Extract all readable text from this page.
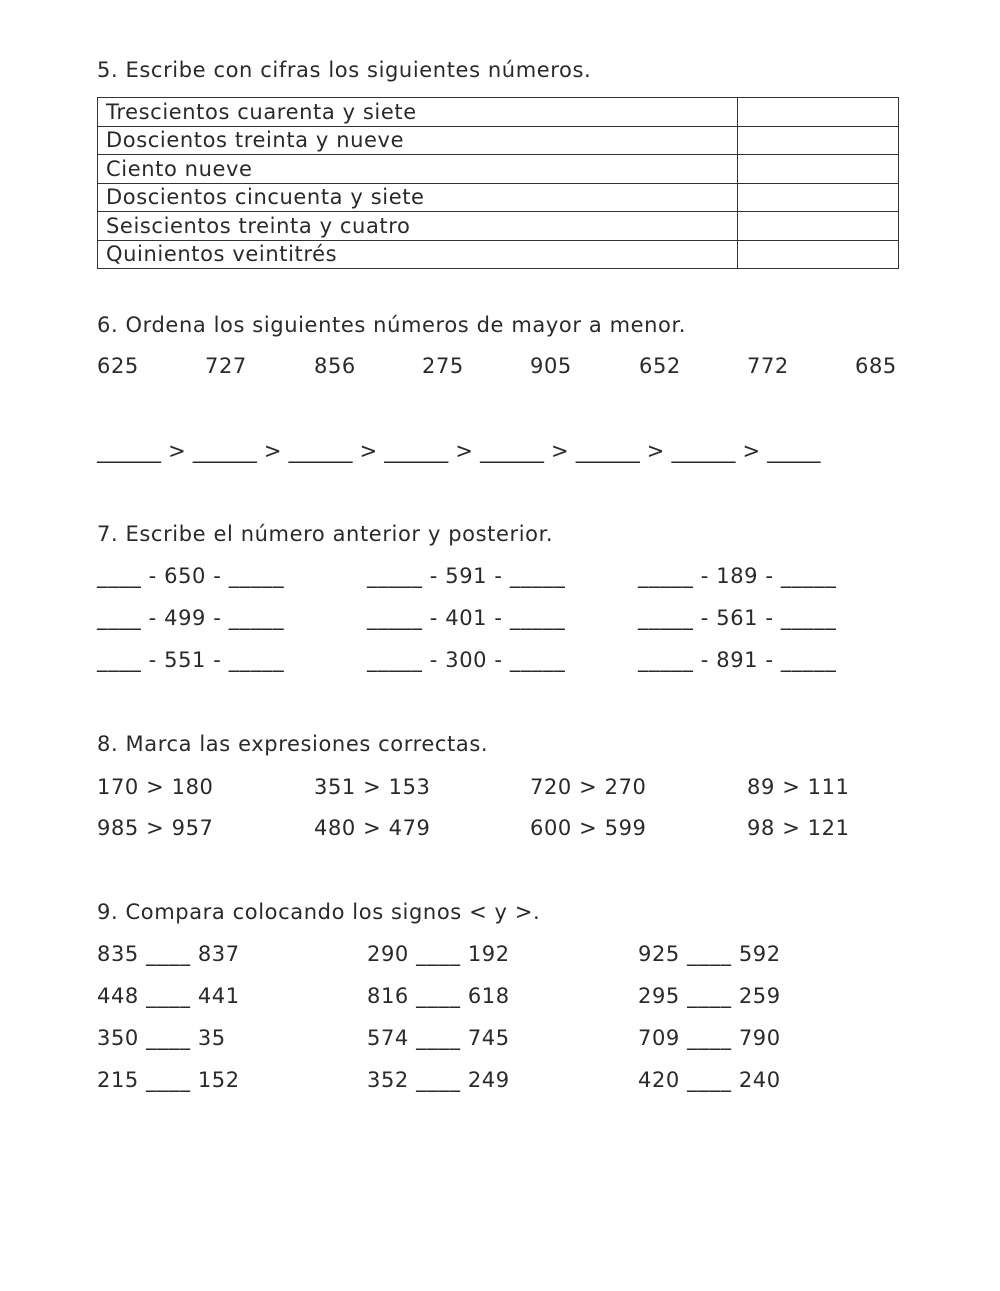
5. Escribe con cifras los siguientes números.
Trescientos cuarenta y siete	
Doscientos treinta y nueve	
Ciento nueve	
Doscientos cincuenta y siete	
Seiscientos treinta y cuatro	
Quinientos veintitrés	
6. Ordena los siguientes números de mayor a menor.
625	727	856	275	905	652	772	685
______ > ______ > ______ > ______ > ______ > ______ > ______ > _____
7. Escribe el número anterior y posterior.
____ - 650 - _____	_____ - 591 - _____	_____ - 189 - _____
____ - 499 - _____	_____ - 401 - _____	_____ - 561 - _____
____ - 551 - _____	_____ - 300 - _____	_____ - 891 - _____
8. Marca las expresiones correctas.
170 > 180	351 > 153	720 > 270	89 > 111
985 > 957	480 > 479	600 > 599	98 > 121
9. Compara colocando los signos < y >.
835 ____ 837	290 ____ 192	925 ____ 592
448 ____ 441	816 ____ 618	295 ____ 259
350 ____ 35	574 ____ 745	709 ____ 790
215 ____ 152	352 ____ 249	420 ____ 240
